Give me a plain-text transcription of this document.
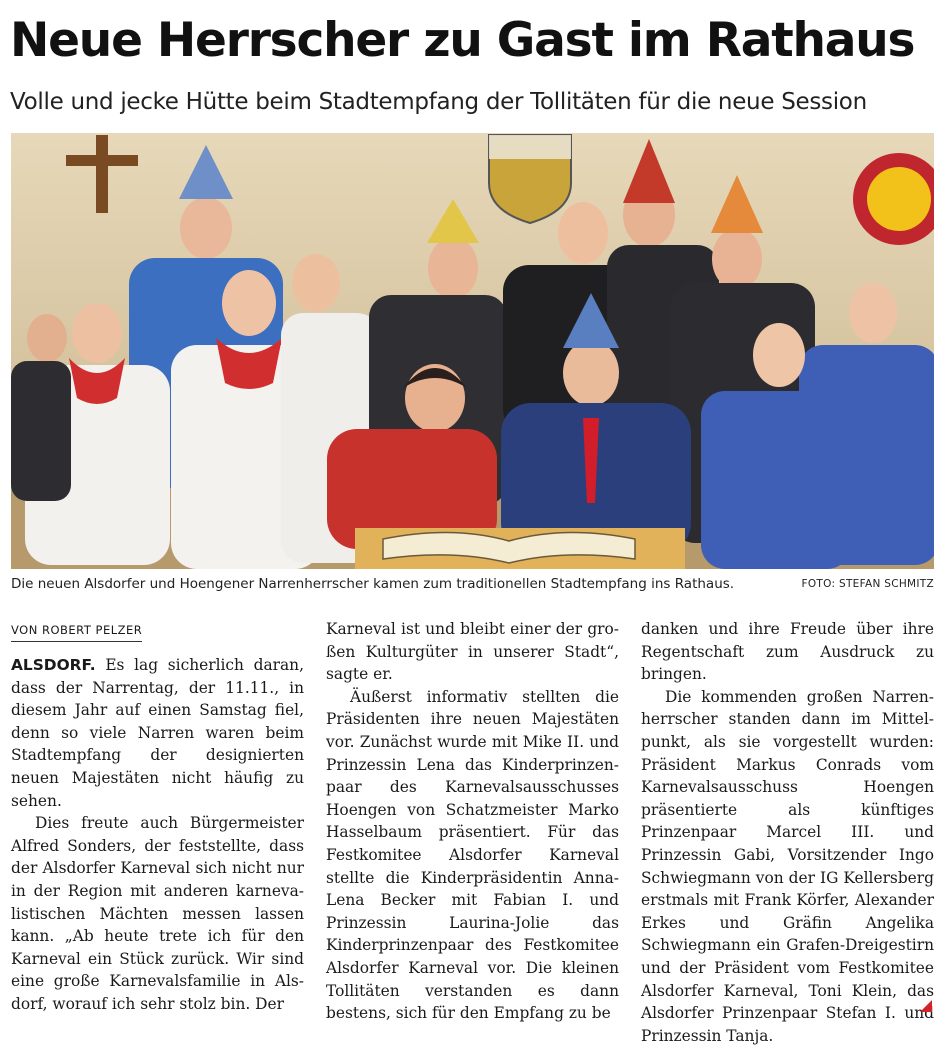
Neue Herrscher zu Gast im Rathaus
Volle und jecke Hütte beim Stadtempfang der Tollitäten für die neue Session
Die neuen Alsdorfer und Hoengener Narrenherrscher kamen zum traditionellen Stadtempfang ins Rathaus.	FOTO: STEFAN SCHMITZ
VON ROBERT PELZER

ALSDORF. Es lag sicherlich daran, dass der Narrentag, der 11.11., in diesem Jahr auf einen Samstag fiel, denn so viele Narren waren beim Stadtempfang der designierten neuen Majestäten nicht häufig zu sehen.

Dies freute auch Bürgermeister Alfred Sonders, der feststellte, dass der Alsdorfer Karneval sich nicht nur in der Region mit anderen karnevalistischen Mächten messen lassen kann. „Ab heute trete ich für den Karneval ein Stück zurück. Wir sind eine große Karnevalsfamilie in Alsdorf, worauf ich sehr stolz bin. Der

Karneval ist und bleibt einer der großen Kulturgüter in unserer Stadt“, sagte er.

Äußerst informativ stellten die Präsidenten ihre neuen Majestäten vor. Zunächst wurde mit Mike II. und Prinzessin Lena das Kinderprinzenpaar des Karnevalsausschusses Hoengen von Schatzmeister Marko Hasselbaum präsentiert. Für das Festkomitee Alsdorfer Karneval stellte die Kinderpräsidentin Anna-Lena Becker mit Fabian I. und Prinzessin Laurina-Jolie das Kinderprinzenpaar des Festkomitee Alsdorfer Karneval vor. Die kleinen Tollitäten verstanden es dann bestens, sich für den Empfang zu be

danken und ihre Freude über ihre Regentschaft zum Ausdruck zu bringen.

Die kommenden großen Narrenherrscher standen dann im Mittelpunkt, als sie vorgestellt wurden: Präsident Markus Conrads vom Karnevalsausschuss Hoengen präsentierte als künftiges Prinzenpaar Marcel III. und Prinzessin Gabi, Vorsitzender Ingo Schwiegmann von der IG Kellersberg erstmals mit Frank Körfer, Alexander Erkes und Gräfin Angelika Schwiegmann ein Grafen-Dreigestirn und der Präsident vom Festkomitee Alsdorfer Karneval, Toni Klein, das Alsdorfer Prinzenpaar Stefan I. und Prinzessin Tanja.
